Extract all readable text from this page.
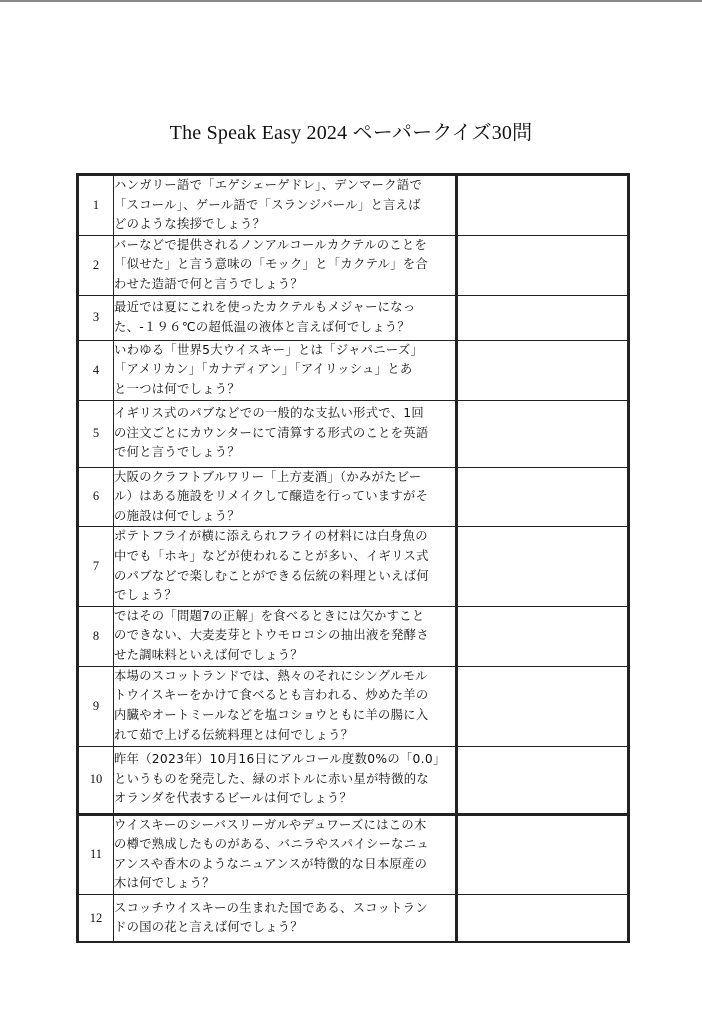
The Speak Easy 2024 ペーパークイズ30問
1	ハンガリー語で「エゲシェーゲドレ」、デンマーク語で
「スコール」、ゲール語で「スランジバール」と言えば
どのような挨拶でしょう？	
2	バーなどで提供されるノンアルコールカクテルのことを
「似せた」と言う意味の「モック」と「カクテル」を合
わせた造語で何と言うでしょう？	
3	最近では夏にこれを使ったカクテルもメジャーになっ
た、-１９６℃の超低温の液体と言えば何でしょう？	
4	いわゆる「世界5大ウイスキー」とは「ジャパニーズ」
「アメリカン」「カナディアン」「アイリッシュ」とあ
と一つは何でしょう？	
5	イギリス式のパブなどでの一般的な支払い形式で、1回
の注文ごとにカウンターにて清算する形式のことを英語
で何と言うでしょう？	
6	大阪のクラフトブルワリー「上方麦酒」（かみがたビー
ル）はある施設をリメイクして醸造を行っていますがそ
の施設は何でしょう？	
7	ポテトフライが横に添えられフライの材料には白身魚の
中でも「ホキ」などが使われることが多い、イギリス式
のパブなどで楽しむことができる伝統の料理といえば何
でしょう？	
8	ではその「問題7の正解」を食べるときには欠かすこと
のできない、大麦麦芽とトウモロコシの抽出液を発酵さ
せた調味料といえば何でしょう？	
9	本場のスコットランドでは、熱々のそれにシングルモル
トウイスキーをかけて食べるとも言われる、炒めた羊の
内臓やオートミールなどを塩コショウともに羊の腸に入
れて茹で上げる伝統料理とは何でしょう？	
10	昨年（2023年）10月16日にアルコール度数0%の「0.0」
というものを発売した、緑のボトルに赤い星が特徴的な
オランダを代表するビールは何でしょう？	
11	ウイスキーのシーバスリーガルやデュワーズにはこの木
の樽で熟成したものがある、バニラやスパイシーなニュ
アンスや香木のようなニュアンスが特徴的な日本原産の
木は何でしょう？	
12	スコッチウイスキーの生まれた国である、スコットラン
ドの国の花と言えば何でしょう？	
